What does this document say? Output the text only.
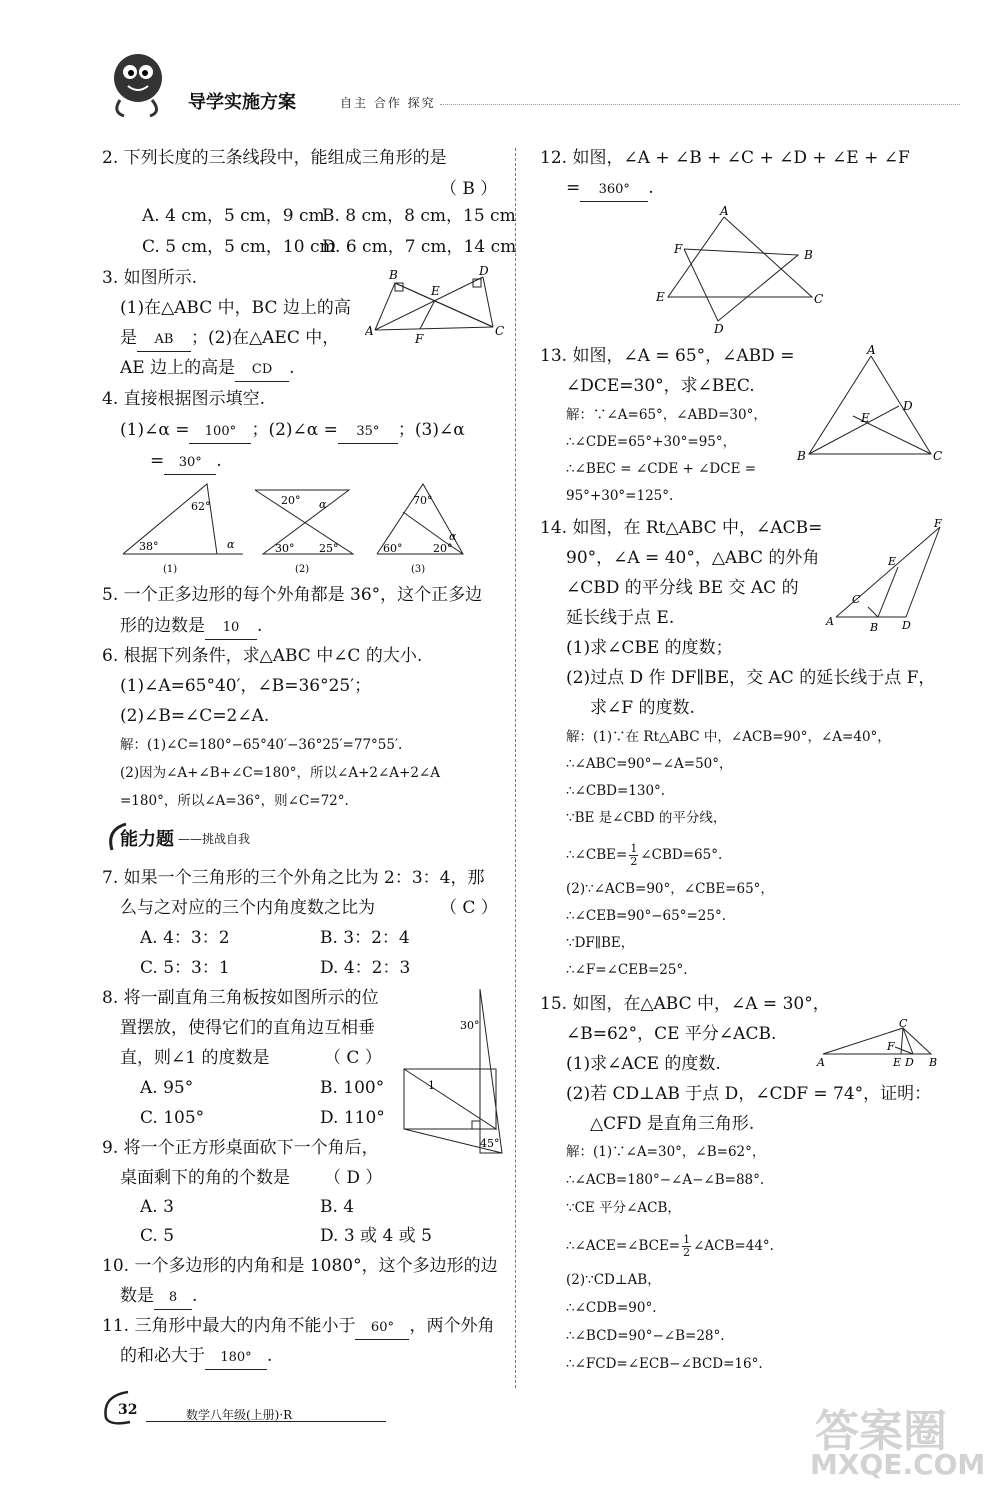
导学实施方案	自主 合作 探究
2. 下列长度的三条线段中，能组成三角形的是
（ B ）
A. 4 cm，5 cm，9 cm
B. 8 cm，8 cm，15 cm
C. 5 cm，5 cm，10 cm
D. 6 cm，7 cm，14 cm
3. 如图所示.
(1)在△ABC 中，BC 边上的高
是 AB ；(2)在△AEC 中，
AE 边上的高是 CD .
A
B
C
D
E
F
4. 直接根据图示填空.
(1)∠α = 100° ；(2)∠α = 35° ；(3)∠α
= 30° .
62°
38°	α
20° α
30° 25°
70°
α
60°	20°
(1)	(2)	(3)
5. 一个正多边形的每个外角都是 36°，这个正多边
形的边数是 10 .
6. 根据下列条件，求△ABC 中∠C 的大小.
(1)∠A=65°40′，∠B=36°25′；
(2)∠B=∠C=2∠A.
解：(1)∠C=180°−65°40′−36°25′=77°55′.
(2)因为∠A+∠B+∠C=180°，所以∠A+2∠A+2∠A
=180°，所以∠A=36°，则∠C=72°.
能力题 ——挑战自我
7. 如果一个三角形的三个外角之比为 2：3：4，那
么与之对应的三个内角度数之比为	（ C ）
A. 4：3：2	B. 3：2：4
C. 5：3：1	D. 4：2：3
8. 将一副直角三角板按如图所示的位
置摆放，使得它们的直角边互相垂
直，则∠1 的度数是	（ C ）
A. 95°	B. 100°
C. 105°	D. 110°
30°
1
45°
9. 将一个正方形桌面砍下一个角后，
桌面剩下的角的个数是 （ D ）
A. 3	B. 4
C. 5	D. 3 或 4 或 5
10. 一个多边形的内角和是 1080°，这个多边形的边
数是 8 .
11. 三角形中最大的内角不能小于 60° ，两个外角
的和必大于 180° .
12. 如图，∠A + ∠B + ∠C + ∠D + ∠E + ∠F
= 360° .
A
B
C
D
E
F
13. 如图，∠A = 65°，∠ABD =
∠DCE=30°，求∠BEC.
解：∵∠A=65°，∠ABD=30°，
∴∠CDE=65°+30°=95°，
∴∠BEC = ∠CDE + ∠DCE =
95°+30°=125°.
A
B	C
D
E
14. 如图，在 Rt△ABC 中，∠ACB=
90°，∠A = 40°，△ABC 的外角
∠CBD 的平分线 BE 交 AC 的
延长线于点 E.
(1)求∠CBE 的度数；
(2)过点 D 作 DF∥BE，交 AC 的延长线于点 F，
求∠F 的度数.
A	B
C
D
E
F
解：(1)∵在 Rt△ABC 中，∠ACB=90°，∠A=40°，
∴∠ABC=90°−∠A=50°，
∴∠CBD=130°.
∵BE 是∠CBD 的平分线，
∴∠CBE= $\frac{1}{2}$ ∠CBD=65°.
(2)∵∠ACB=90°，∠CBE=65°，
∴∠CEB=90°−65°=25°.
∵DF∥BE，
∴∠F=∠CEB=25°.
15. 如图，在△ABC 中，∠A = 30°，
∠B=62°，CE 平分∠ACB.
(1)求∠ACE 的度数.
(2)若 CD⊥AB 于点 D，∠CDF = 74°，证明：
△CFD 是直角三角形.
A	B
C
D
E
F
解：(1)∵∠A=30°，∠B=62°，
∴∠ACB=180°−∠A−∠B=88°.
∵CE 平分∠ACB，
∴∠ACE=∠BCE= $\frac{1}{2}$ ∠ACB=44°.
(2)∵CD⊥AB，
∴∠CDB=90°.
∴∠BCD=90°−∠B=28°.
∴∠FCD=∠ECB−∠BCD=16°.
32	数学八年级(上册)·R	答案圈
MXQE.COM
